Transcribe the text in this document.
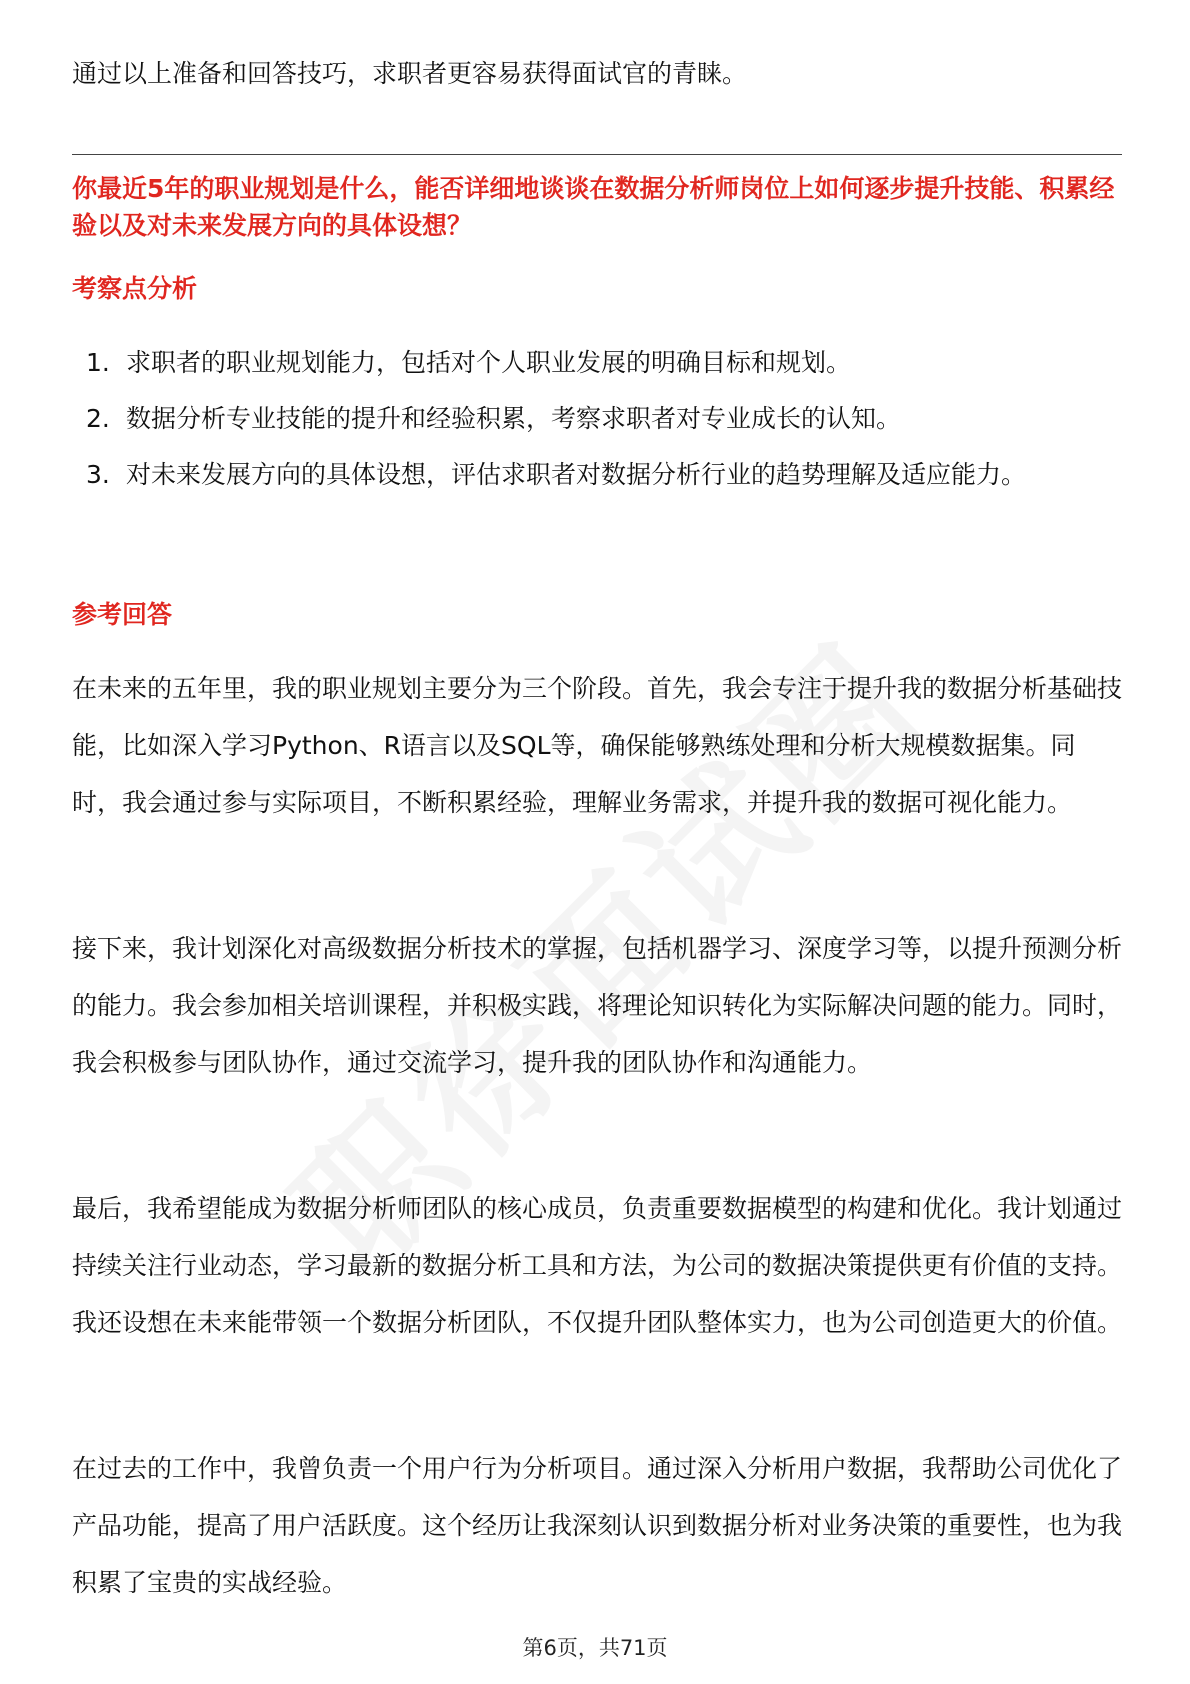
通过以上准备和回答技巧，求职者更容易获得面试官的青睐。

你最近5年的职业规划是什么，能否详细地谈谈在数据分析师岗位上如何逐步提升技能、积累经验以及对未来发展方向的具体设想？

考察点分析

1. 求职者的职业规划能力，包括对个人职业发展的明确目标和规划。
2. 数据分析专业技能的提升和经验积累，考察求职者对专业成长的认知。
3. 对未来发展方向的具体设想，评估求职者对数据分析行业的趋势理解及适应能力。

参考回答

在未来的五年里，我的职业规划主要分为三个阶段。首先，我会专注于提升我的数据分析基础技能，比如深入学习Python、R语言以及SQL等，确保能够熟练处理和分析大规模数据集。同时，我会通过参与实际项目，不断积累经验，理解业务需求，并提升我的数据可视化能力。

接下来，我计划深化对高级数据分析技术的掌握，包括机器学习、深度学习等，以提升预测分析的能力。我会参加相关培训课程，并积极实践，将理论知识转化为实际解决问题的能力。同时，我会积极参与团队协作，通过交流学习，提升我的团队协作和沟通能力。

最后，我希望能成为数据分析师团队的核心成员，负责重要数据模型的构建和优化。我计划通过持续关注行业动态，学习最新的数据分析工具和方法，为公司的数据决策提供更有价值的支持。我还设想在未来能带领一个数据分析团队，不仅提升团队整体实力，也为公司创造更大的价值。

在过去的工作中，我曾负责一个用户行为分析项目。通过深入分析用户数据，我帮助公司优化了产品功能，提高了用户活跃度。这个经历让我深刻认识到数据分析对业务决策的重要性，也为我积累了宝贵的实战经验。

第6页，共71页
